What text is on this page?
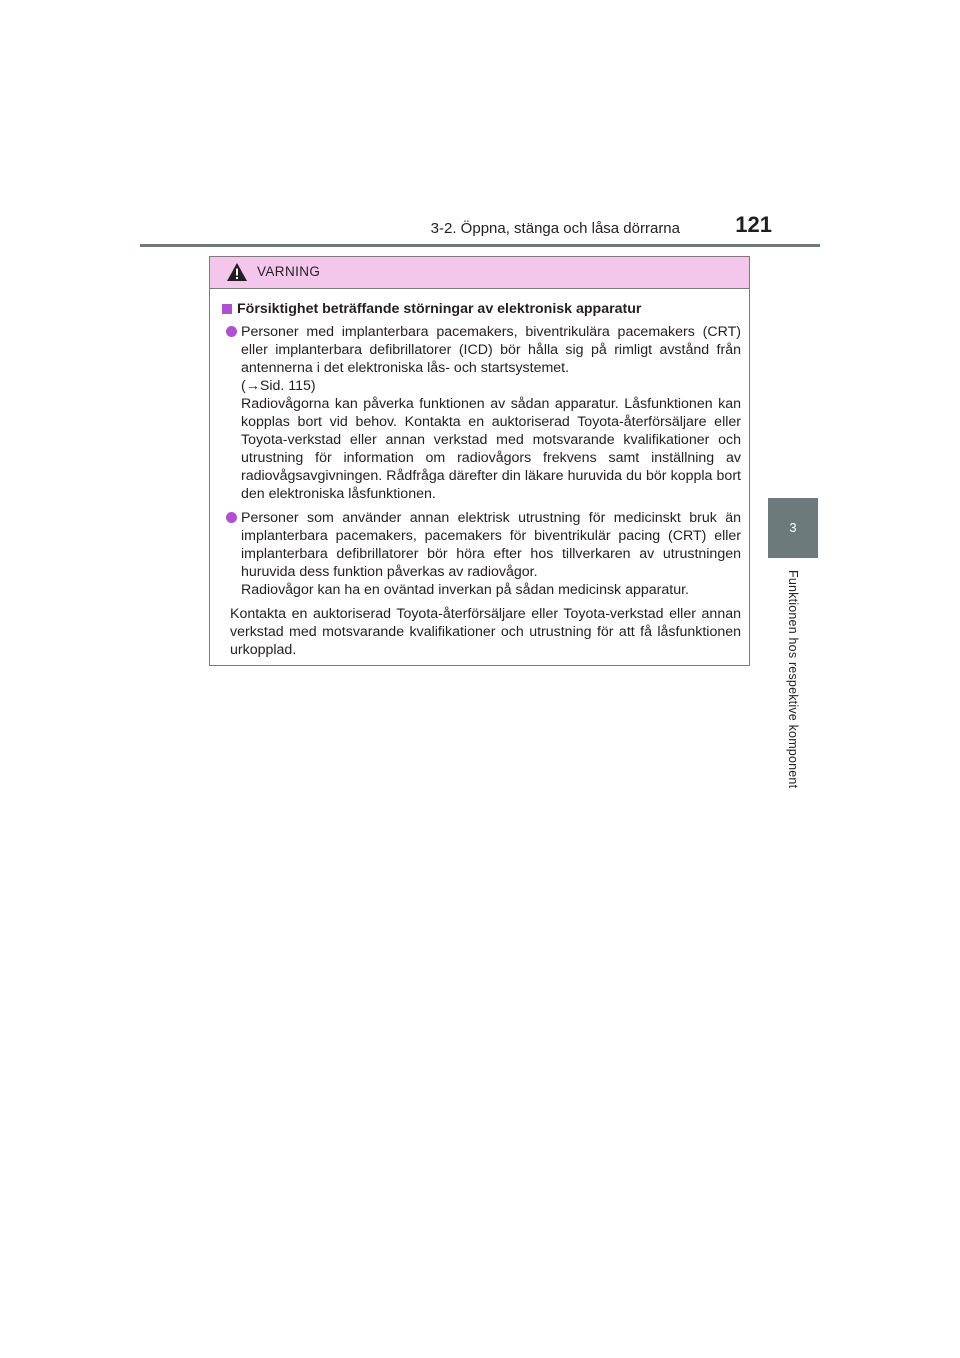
3-2. Öppna, stänga och låsa dörrarna	121
3
Funktionen hos respektive komponent
VARNING
Försiktighet beträffande störningar av elektronisk apparatur

Personer med implanterbara pacemakers, biventrikulära pacemakers (CRT) eller implanterbara defibrillatorer (ICD) bör hålla sig på rimligt avstånd från antennerna i det elektroniska lås- och startsystemet.

(→Sid. 115)

Radiovågorna kan påverka funktionen av sådan apparatur. Låsfunktionen kan kopplas bort vid behov. Kontakta en auktoriserad Toyota-återförsäljare eller Toyota-verkstad eller annan verkstad med motsvarande kvalifikationer och utrustning för information om radiovågors frekvens samt inställning av radiovågsavgivningen. Rådfråga därefter din läkare huruvida du bör koppla bort den elektroniska låsfunktionen.

Personer som använder annan elektrisk utrustning för medicinskt bruk än implanterbara pacemakers, pacemakers för biventrikulär pacing (CRT) eller implanterbara defibrillatorer bör höra efter hos tillverkaren av utrustningen huruvida dess funktion påverkas av radiovågor.

Radiovågor kan ha en oväntad inverkan på sådan medicinsk apparatur.

Kontakta en auktoriserad Toyota-återförsäljare eller Toyota-verkstad eller annan verkstad med motsvarande kvalifikationer och utrustning för att få låsfunktionen urkopplad.
